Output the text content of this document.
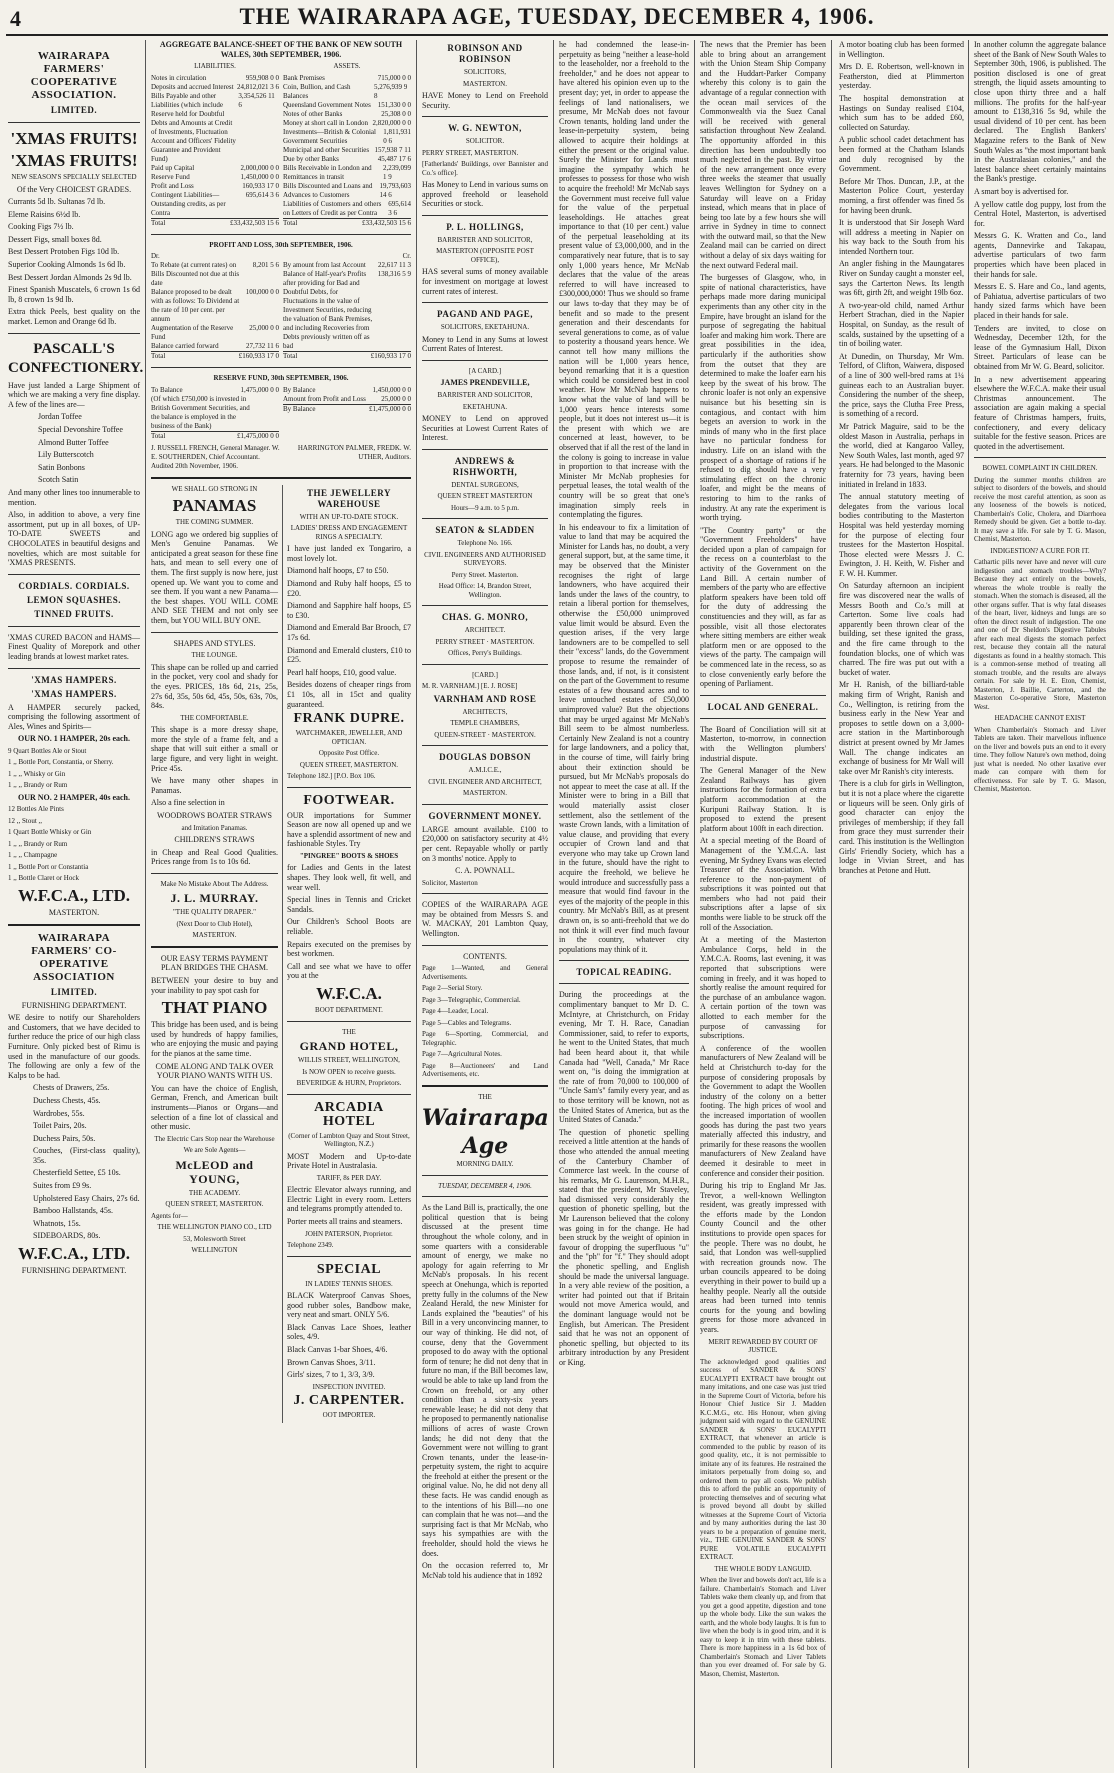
4	THE WAIRARAPA AGE, TUESDAY, DECEMBER 4, 1906.
WAIRARAPA FARMERS' COOPERATIVE ASSOCIATION.
LIMITED.
'XMAS FRUITS!
'XMAS FRUITS!

NEW SEASON'S SPECIALLY SELECTED

Of the Very CHOICEST GRADES.

Currants 5d lb. Sultanas 7d lb.

Eleme Raisins 6½d lb.

Cooking Figs 7½ lb.

Dessert Figs, small boxes 8d.

Best Dessert Protoben Figs 10d lb.

Superior Cooking Almonds 1s 6d lb.

Best Dessert Jordan Almonds 2s 9d lb.

Finest Spanish Muscatels, 6 crown 1s 6d lb, 8 crown 1s 9d lb.

Extra thick Peels, best quality on the market. Lemon and Orange 6d lb.

PASCALL'S CONFECTIONERY.

Have just landed a Large Shipment of which we are making a very fine display. A few of the lines are—

Jordan Toffee

Special Devonshire Toffee

Almond Butter Toffee

Lily Butterscotch

Satin Bonbons

Scotch Satin

And many other lines too innumerable to mention.

Also, in addition to above, a very fine assortment, put up in all boxes, of UP-TO-DATE SWEETS and CHOCOLATES in beautiful designs and novelties, which are most suitable for 'XMAS PRESENTS.

CORDIALS. CORDIALS.
LEMON SQUASHES.
TINNED FRUITS.

'XMAS CURED BACON and HAMS—Finest Quality of Morepork and other leading brands at lowest market rates.

'XMAS HAMPERS.
'XMAS HAMPERS.

A HAMPER securely packed, comprising the following assortment of Ales, Wines and Spirits—

OUR NO. 1 HAMPER, 20s each.

9 Quart Bottles Ale or Stout

1 ,, Bottle Port, Constantia, or Sherry.

1 ,, ,, Whisky or Gin

1 ,, ,, Brandy or Rum

OUR NO. 2 HAMPER, 40s each.

12 Bottles Ale Pints

12 ,, Stout ,,

1 Quart Bottle Whisky or Gin

1 ,, ,, Brandy or Rum

1 ,, ,, Champagne

1 ,, Bottle Port or Constantia

1 ,, Bottle Claret or Hock

W.F.C.A., LTD.

MASTERTON.

WAIRARAPA FARMERS' CO-OPERATIVE ASSOCIATION
LIMITED.

FURNISHING DEPARTMENT.

WE desire to notify our Shareholders and Customers, that we have decided to further reduce the price of our high class Furniture. Only picked best of Rimu is used in the manufacture of our goods. The following are only a few of the Kalps to be had.

Chests of Drawers, 25s.

Duchess Chests, 45s.

Wardrobes, 55s.

Toilet Pairs, 20s.

Duchess Pairs, 50s.

Couches, (First-class quality), 35s.

Chesterfield Settee, £5 10s.

Suites from £9 9s.

Upholstered Easy Chairs, 27s 6d.

Bamboo Hallstands, 45s.

Whatnots, 15s.

SIDEBOARDS, 80s.

W.F.C.A., LTD.

FURNISHING DEPARTMENT.

AGGREGATE BALANCE-SHEET OF THE BANK OF NEW SOUTH WALES, 30th SEPTEMBER, 1906.

LIABILITIES.

Notes in circulation	959,908 0 0
Deposits and accrued Interest 24,812,021 3 6
Bills Payable and other Liabilities (which include Reserve held for Doubtful Debts and Amounts at Credit of Investments, Fluctuation Account and Officers' Fidelity Guarantee and Provident Fund)
3,354,526 11 6
Paid up Capital	2,000,000 0 0
Reserve Fund	1,450,000 0 0
Profit and Loss	160,933 17 0
Contingent Liabilities—Outstanding credits, as per Contra
695,614 3 6
Total	£33,432,503 15 6

ASSETS.

Bank Premises	715,000 0 0
Coin, Bullion, and Cash Balances
5,276,939 9 8
Queensland Government Notes 151,330 0 0
Notes of other Banks	25,308 0 0
Money at short call in London 2,820,000 0 0
Investments—British & Colonial Government Securities
1,811,931 0 6
Municipal and other Securities 157,938 7 11
Due by other Banks	45,487 17 6
Bills Receivable in London and Remittances in transit
2,239,099 1 9
Bills Discounted and Loans and Advances to Customers
19,793,603 14 6
Liabilities of Customers and others on Letters of Credit as per Contra
695,614 3 6
Total	£33,432,503 15 6

PROFIT AND LOSS, 30th SEPTEMBER, 1906.

Dr.	Cr.
To Rebate (at current rates) on Bills Discounted not due at this date
8,201 5 6
Balance proposed to be dealt with as follows: To Dividend at the rate of 10 per cent. per annum
100,000 0 0
Augmentation of the Reserve Fund
25,000 0 0
Balance carried forward	27,732 11 6
Total	£160,933 17 0
By amount from last Account	22,617 11 3
Balance of Half-year's Profits after providing for Bad and Doubtful Debts, for Fluctuations in the value of Investment Securities, reducing the valuation of Bank Premises, and including Recoveries from Debts previously written off as bad
138,316 5 9
Total	£160,933 17 0

RESERVE FUND, 30th SEPTEMBER, 1906.

To Balance	1,475,000 0 0
(Of which £750,000 is invested in British Government Securities, and the balance is employed in the business of the Bank)
Total	£1,475,000 0 0
By Balance	1,450,000 0 0
Amount from Profit and Loss 25,000 0 0
By Balance	£1,475,000 0 0
J. RUSSELL FRENCH, General Manager. W. E. SOUTHERDEN, Chief Accountant. Audited 20th November, 1906.
HARRINGTON PALMER, FREDK. W. UTHER, Auditors.

WE SHALL GO STRONG IN

PANAMAS

THE COMING SUMMER.

LONG ago we ordered big supplies of Men's Genuine Panamas. We anticipated a great season for these fine hats, and mean to sell every one of them. The first supply is now here, just opened up. We want you to come and see them. If you want a new Panama—the best shapes. YOU WILL COME AND SEE THEM and not only see them, but YOU WILL BUY ONE.

SHAPES AND STYLES.

THE LOUNGE.

This shape can be rolled up and carried in the pocket, very cool and shady for the eyes. PRICES, 18s 6d, 21s, 25s, 27s 6d, 35s, 50s 6d, 45s, 50s, 63s, 70s, 84s.

THE COMFORTABLE.

This shape is a more dressy shape, more the style of a frame felt, and a shape that will suit either a small or large figure, and very light in weight. Price 45s.

We have many other shapes in Panamas.

Also a fine selection in

WOODROWS BOATER STRAWS

and Imitation Panamas.

CHILDREN'S STRAWS

in Cheap and Real Good Qualities. Prices range from 1s to 10s 6d.

Make No Mistake About The Address.

J. L. MURRAY.

"THE QUALITY DRAPER."

(Next Door to Club Hotel),

MASTERTON.

OUR EASY TERMS PAYMENT PLAN BRIDGES THE CHASM.

BETWEEN your desire to buy and your inability to pay spot cash for

THAT PIANO

This bridge has been used, and is being used by hundreds of happy families, who are enjoying the music and paying for the pianos at the same time.

COME ALONG AND TALK OVER YOUR PIANO WANTS WITH US.

You can have the choice of English, German, French, and American built instruments—Pianos or Organs—and selection of a fine lot of classical and other music.

The Electric Cars Stop near the Warehouse

We are Sole Agents—

McLEOD and YOUNG,

THE ACADEMY.

QUEEN STREET, MASTERTON.

Agents for—

THE WELLINGTON PIANO CO., LTD

53, Molesworth Street

WELLINGTON

THE JEWELLERY WAREHOUSE

WITH AN UP-TO-DATE STOCK.

LADIES' DRESS AND ENGAGEMENT RINGS A SPECIALTY.

I have just landed ex Tongariro, a most lovely lot.

Diamond half hoops, £7 to £50.

Diamond and Ruby half hoops, £5 to £20.

Diamond and Sapphire half hoops, £5 to £30.

Diamond and Emerald Bar Brooch, £7 17s 6d.

Diamond and Emerald clusters, £10 to £25.

Pearl half hoops, £10, good value.

Besides dozens of cheaper rings from £1 10s, all in 15ct and quality guaranteed.

FRANK DUPRE.

WATCHMAKER, JEWELLER, AND OPTICIAN.

Opposite Post Office.

QUEEN STREET, MASTERTON.

Telephone 182.] [P.O. Box 106.

FOOTWEAR.

OUR importations for Summer Season are now all opened up and we have a splendid assortment of new and fashionable Styles. Try

"PINGREE" BOOTS & SHOES

for Ladies and Gents in the latest shapes. They look well, fit well, and wear well.

Special lines in Tennis and Cricket Sandals.

Our Children's School Boots are reliable.

Repairs executed on the premises by best workmen.

Call and see what we have to offer you at the

W.F.C.A.

BOOT DEPARTMENT.

THE

GRAND HOTEL,

WILLIS STREET, WELLINGTON,

Is NOW OPEN to receive guests.

BEVERIDGE & HURN, Proprietors.

ARCADIA HOTEL

(Corner of Lambton Quay and Stout Street, Wellington, N.Z.)

MOST Modern and Up-to-date Private Hotel in Australasia.

TARIFF, 8s PER DAY.

Electric Elevator always running, and Electric Light in every room. Letters and telegrams promptly attended to.

Porter meets all trains and steamers.

JOHN PATERSON, Proprietor.

Telephone 2349.

SPECIAL

IN LADIES' TENNIS SHOES.

BLACK Waterproof Canvas Shoes, good rubber soles, Bandbow make, very neat and smart. ONLY 5/6.

Black Canvas Lace Shoes, leather soles, 4/9.

Black Canvas 1-bar Shoes, 4/6.

Brown Canvas Shoes, 3/11.

Girls' sizes, 7 to 1, 3/3, 3/9.

INSPECTION INVITED.

J. CARPENTER.

OOT IMPORTER.

ROBINSON AND ROBINSON

SOLICITORS,

MASTERTON.

HAVE Money to Lend on Freehold Security.

W. G. NEWTON,

SOLICITOR.

PERRY STREET, MASTERTON.

[Fatherlands' Buildings, over Bannister and Co.'s office].

Has Money to Lend in various sums on approved freehold or leasehold Securities or stock.

P. L. HOLLINGS,

BARRISTER AND SOLICITOR,

MASTERTON (OPPOSITE POST OFFICE),

HAS several sums of money available for investment on mortgage at lowest current rates of interest.

PAGAND AND PAGE,

SOLICITORS, EKETAHUNA.

Money to Lend in any Sums at lowest Current Rates of Interest.

[A CARD.]

JAMES PRENDEVILLE,

BARRISTER AND SOLICITOR,

EKETAHUNA.

MONEY to Lend on approved Securities at Lowest Current Rates of Interest.

ANDREWS & RISHWORTH,

DENTAL SURGEONS,

QUEEN STREET MASTERTON

Hours—9 a.m. to 5 p.m.

SEATON & SLADDEN

Telephone No. 166.

CIVIL ENGINEERS AND AUTHORISED SURVEYORS.

Perry Street. Masterton.

Head Office: 14, Brandon Street, Wellington.

CHAS. G. MONRO,

ARCHITECT.

PERRY STREET · MASTERTON.

Offices, Perry's Buildings.

[CARD.]

M. R. VARNHAM.] [E. J. ROSE]

VARNHAM AND ROSE

ARCHITECTS,

TEMPLE CHAMBERS,

QUEEN-STREET · MASTERTON.

DOUGLAS DOBSON

A.M.I.C.E.,

CIVIL ENGINEER AND ARCHITECT,

MASTERTON.

GOVERNMENT MONEY.

LARGE amount available. £100 to £20,000 on satisfactory security at 4½ per cent. Repayable wholly or partly on 3 months' notice. Apply to

C. A. POWNALL.

Solicitor, Masterton

COPIES of the WAIRARAPA AGE may be obtained from Messrs S. and W. MACKAY, 201 Lambton Quay, Wellington.

CONTENTS.

Page 1—Wanted, and General Advertisements.

Page 2—Serial Story.

Page 3—Telegraphic, Commercial.

Page 4—Leader, Local.

Page 5—Cables and Telegrams.

Page 6—Sporting, Commercial, and Telegraphic.

Page 7—Agricultural Notes.

Page 8—Auctioneers' and Land Advertisements, etc.

THE

Wairarapa Age

MORNING DAILY.

TUESDAY, DECEMBER 4, 1906.

As the Land Bill is, practically, the one political question that is being discussed at the present time throughout the whole colony, and in some quarters with a considerable amount of energy, we make no apology for again referring to Mr McNab's proposals. In his recent speech at Onehunga, which is reported pretty fully in the columns of the New Zealand Herald, the new Minister for Lands explained the "beauties" of his Bill in a very unconvincing manner, to our way of thinking. He did not, of course, deny that the Government proposed to do away with the optional form of tenure; he did not deny that in future no man, if the Bill becomes law, would be able to take up land from the Crown on freehold, or any other condition than a sixty-six years renewable lease; he did not deny that he proposed to permanently nationalise millions of acres of waste Crown lands; he did not deny that the Government were not willing to grant Crown tenants, under the lease-in-perpetuity system, the right to acquire the freehold at either the present or the original value. No, he did not deny all these facts. He was candid enough as to the intentions of his Bill—no one can complain that he was not—and the surprising fact is that Mr McNab, who says his sympathies are with the freeholder, should hold the views he does.

On the occasion referred to, Mr McNab told his audience that in 1892

he had condemned the lease-in-perpetuity as being "neither a lease-hold to the leaseholder, nor a freehold to the freeholder," and he does not appear to have altered his opinion even up to the present day; yet, in order to appease the feelings of land nationalisers, we presume, Mr McNab does not favour Crown tenants, holding land under the lease-in-perpetuity system, being allowed to acquire their holdings at either the present or the original value. Surely the Minister for Lands must imagine the sympathy which he professes to possess for those who wish to acquire the freehold! Mr McNab says the Government must receive full value for the value of the perpetual leaseholdings. He attaches great importance to that (10 per cent.) value of the perpetual leaseholding at its present value of £3,000,000, and in the comparatively near future, that is to say only 1,000 years hence, Mr McNab declares that the value of the areas referred to will have increased to £300,000,000! Thus we should so frame our laws to-day that they may be of benefit and so made to the present generation and their descendants for several generations to come, as of value to posterity a thousand years hence. We cannot tell how many millions the nation will be 1,000 years hence, beyond remarking that it is a question which could be considered best in cool weather. How Mr McNab happens to know what the value of land will be 1,000 years hence interests some people, but it does not interest us—it is the present with which we are concerned at least, however, to be observed that if all the rest of the land in the colony is going to increase in value in proportion to that increase with the Minister Mr McNab prophesies for perpetual leases, the total wealth of the country will be so great that one's imagination simply reels in contemplating the figures.

In his endeavour to fix a limitation of value to land that may be acquired the Minister for Lands has, no doubt, a very general support, but, at the same time, it may be observed that the Minister recognises the right of large landowners, who have acquired their lands under the laws of the country, to retain a liberal portion for themselves, otherwise the £50,000 unimproved value limit would be absurd. Even the question arises, if the very large landowners are to be compelled to sell their "excess" lands, do the Government propose to resume the remainder of those lands, and, if not, is it consistent on the part of the Government to resume estates of a few thousand acres and to leave untouched estates of £50,000 unimproved value? But the objections that may be urged against Mr McNab's Bill seem to be almost numberless. Certainly New Zealand is not a country for large landowners, and a policy that, in the course of time, will fairly bring about their extinction should be pursued, but Mr McNab's proposals do not appear to meet the case at all. If the Minister were to bring in a Bill that would materially assist closer settlement, also the settlement of the waste Crown lands, with a limitation of value clause, and providing that every occupier of Crown land and that everyone who may take up Crown land in the future, should have the right to acquire the freehold, we believe he would introduce and successfully pass a measure that would find favour in the eyes of the majority of the people in this country. Mr McNab's Bill, as at present drawn on, is so anti-freehold that we do not think it will ever find much favour in the country, whatever city populations may think of it.

TOPICAL READING.

During the proceedings at the complimentary banquet to Mr D. C. McIntyre, at Christchurch, on Friday evening, Mr T. H. Race, Canadian Commissioner, said, to refer to exports, he went to the United States, that much had been heard about it, that while Canada had "Well, Canada," Mr Race went on, "is doing the immigration at the rate of from 70,000 to 100,000 of "Uncle Sam's" family every year, and as to those territory will be known, not as the United States of America, but as the United States of Canada."

The question of phonetic spelling received a little attention at the hands of those who attended the annual meeting of the Canterbury Chamber of Commerce last week. In the course of his remarks, Mr G. Laurenson, M.H.R., stated that the president, Mr Staveley, had dismissed very considerably the question of phonetic spelling, but the Mr Laurenson believed that the colony was going in for the change. He had been struck by the weight of opinion in favour of dropping the superfluous "u" and the "ph" for "f." They should adopt the phonetic spelling, and English should be made the universal language. In a very able review of the position, a writer had pointed out that if Britain would not move America would, and the dominant language would not be English, but American. The President said that he was not an opponent of phonetic spelling, but objected to its arbitrary introduction by any President or King.

The news that the Premier has been able to bring about an arrangement with the Union Steam Ship Company and the Huddart-Parker Company whereby this colony is to gain the advantage of a regular connection with the ocean mail services of the Commonwealth via the Suez Canal will be received with general satisfaction throughout New Zealand. The opportunity afforded in this direction has been undoubtedly too much neglected in the past. By virtue of the new arrangement once every three weeks the steamer that usually leaves Wellington for Sydney on a Saturday will leave on a Friday instead, which means that in place of being too late by a few hours she will arrive in Sydney in time to connect with the outward mail, so that the New Zealand mail can be carried on direct without a delay of six days waiting for the next outward Federal mail.

The burgesses of Glasgow, who, in spite of national characteristics, have perhaps made more daring municipal experiments than any other city in the Empire, have brought an island for the purpose of segregating the habitual loafer and making him work. There are great possibilities in the idea, particularly if the authorities show from the outset that they are determined to make the loafer earn his keep by the sweat of his brow. The chronic loafer is not only an expensive nuisance but his besetting sin is contagious, and contact with him begets an aversion to work in the minds of many who in the first place have no particular fondness for industry. Life on an island with the prospect of a shortage of rations if he refused to dig should have a very stimulating effect on the chronic loafer, and might be the means of restoring to him to the ranks of industry. At any rate the experiment is worth trying.

"The Country party" or the "Government Freeholders" have decided upon a plan of campaign for the recess on a counterblast to the activity of the Government on the Land Bill. A certain number of members of the party who are effective platform speakers have been told off for the duty of addressing the constituencies and they will, as far as possible, visit all those electorates where sitting members are either weak platform men or are opposed to the views of the party. The campaign will be commenced late in the recess, so as to close conveniently early before the opening of Parliament.

LOCAL AND GENERAL.

The Board of Conciliation will sit at Masterton, to-morrow, in connection with the Wellington plumbers' industrial dispute.

The General Manager of the New Zealand Railways has given instructions for the formation of extra platform accommodation at the Kuripuni Railway Station. It is proposed to extend the present platform about 100ft in each direction.

At a special meeting of the Board of Management of the Y.M.C.A. last evening, Mr Sydney Evans was elected Treasurer of the Association. With reference to the non-payment of subscriptions it was pointed out that members who had not paid their subscriptions after a lapse of six months were liable to be struck off the roll of the Association.

At a meeting of the Masterton Ambulance Corps, held in the Y.M.C.A. Rooms, last evening, it was reported that subscriptions were coming in freely, and it was hoped to shortly realise the amount required for the purchase of an ambulance wagon. A certain portion of the town was allotted to each member for the purpose of canvassing for subscriptions.

A conference of the woollen manufacturers of New Zealand will be held at Christchurch to-day for the purpose of considering proposals by the Government to adapt the Woollen industry of the colony on a better footing. The high prices of wool and the increased importation of woollen goods has during the past two years materially affected this industry, and primarily for these reasons the woollen manufacturers of New Zealand have deemed it desirable to meet in conference and consider their position.

During his trip to England Mr Jas. Trevor, a well-known Wellington resident, was greatly impressed with the efforts made by the London County Council and the other institutions to provide open spaces for the people. There was no doubt, he said, that London was well-supplied with recreation grounds now. The urban councils appeared to be doing everything in their power to build up a healthy people. Nearly all the outside areas had been turned into tennis courts for the young and bowling greens for those more advanced in years.

MERIT REWARDED BY COURT OF JUSTICE.

The acknowledged good qualities and success of SANDER & SONS' EUCALYPTI EXTRACT have brought out many imitations, and one case was just tried in the Supreme Court of Victoria, before his Honour Chief Justice Sir J. Madden K.C.M.G., etc. His Honour, when giving judgment said with regard to the GENUINE SANDER & SONS' EUCALYPTI EXTRACT, that whenever an article is commended to the public by reason of its good quality, etc., it is not permissible to imitate any of its features. He restrained the imitators perpetually from doing so, and ordered them to pay all costs. We publish this to afford the public an opportunity of protecting themselves and of securing what is proved beyond all doubt by skilled witnesses at the Supreme Court of Victoria and by many authorities during the last 30 years to be a preparation of genuine merit, viz., THE GENUINE SANDER & SONS' PURE VOLATILE EUCALYPTI EXTRACT.

THE WHOLE BODY LANGUID.

When the liver and bowels don't act, life is a failure. Chamberlain's Stomach and Liver Tablets wake them cleanly up, and from that you get a good appetite, digestion and tone up the whole body. Like the sun wakes the earth, and the whole body laughs. It is fun to live when the body is in good trim, and it is easy to keep it in trim with these tablets. There is more happiness in a 1s 6d box of Chamberlain's Stomach and Liver Tablets than you ever dreamed of. For sale by G. Mason, Chemist, Masterton.

A motor boating club has been formed in Wellington.

Mrs D. E. Robertson, well-known in Featherston, died at Plimmerton yesterday.

The hospital demonstration at Hastings on Sunday realised £104, which sum has to be added £60, collected on Saturday.

A public school cadet detachment has been formed at the Chatham Islands and duly recognised by the Government.

Before Mr Thos. Duncan, J.P., at the Masterton Police Court, yesterday morning, a first offender was fined 5s for having been drunk.

It is understood that Sir Joseph Ward will address a meeting in Napier on his way back to the South from his intended Northern tour.

An angler fishing in the Maungatares River on Sunday caught a monster eel, says the Carterton News. Its length was 6ft, girth 2ft, and weight 19lb 6oz.

A two-year-old child, named Arthur Herbert Strachan, died in the Napier Hospital, on Sunday, as the result of scalds, sustained by the upsetting of a tin of boiling water.

At Dunedin, on Thursday, Mr Wm. Telford, of Clifton, Waiwera, disposed of a line of 300 well-bred rams at 1¼ guineas each to an Australian buyer. Considering the number of the sheep, the price, says the Clutha Free Press, is something of a record.

Mr Patrick Maguire, said to be the oldest Mason in Australia, perhaps in the world, died at Kangaroo Valley, New South Wales, last month, aged 97 years. He had belonged to the Masonic fraternity for 73 years, having been initiated in Ireland in 1833.

The annual statutory meeting of delegates from the various local bodies contributing to the Masterton Hospital was held yesterday morning for the purpose of electing four trustees for the Masterton Hospital. Those elected were Messrs J. C. Ewington, J. H. Keith, W. Fisher and F. W. H. Kummer.

On Saturday afternoon an incipient fire was discovered near the walls of Messrs Booth and Co.'s mill at Carterton. Some live coals had apparently been thrown clear of the building, set these ignited the grass, and the fire came through to the foundation blocks, one of which was charred. The fire was put out with a bucket of water.

Mr H. Ranish, of the billiard-table making firm of Wright, Ranish and Co., Wellington, is retiring from the business early in the New Year and proposes to settle down on a 3,000-acre station in the Martinborough district at present owned by Mr James Wall. The change indicates an exchange of business for Mr Wall will take over Mr Ranish's city interests.

There is a club for girls in Wellington, but it is not a place where the cigarette or liqueurs will be seen. Only girls of good character can enjoy the privileges of membership; if they fall from grace they must surrender their card. This institution is the Wellington Girls' Friendly Society, which has a lodge in Vivian Street, and has branches at Petone and Hutt.

In another column the aggregate balance sheet of the Bank of New South Wales to September 30th, 1906, is published. The position disclosed is one of great strength, the liquid assets amounting to close upon thirty three and a half millions. The profits for the half-year amount to £138,316 5s 9d, while the usual dividend of 10 per cent. has been declared. The English Bankers' Magazine refers to the Bank of New South Wales as "the most important bank in the Australasian colonies," and the latest balance sheet certainly maintains the Bank's prestige.

A smart boy is advertised for.

A yellow cattle dog puppy, lost from the Central Hotel, Masterton, is advertised for.

Messrs G. K. Wratten and Co., land agents, Dannevirke and Takapau, advertise particulars of two farm properties which have been placed in their hands for sale.

Messrs E. S. Hare and Co., land agents, of Pahiatua, advertise particulars of two handy sized farms which have been placed in their hands for sale.

Tenders are invited, to close on Wednesday, December 12th, for the lease of the Gymnasium Hall, Dixon Street. Particulars of lease can be obtained from Mr W. G. Beard, solicitor.

In a new advertisement appearing elsewhere the W.F.C.A. make their usual Christmas announcement. The association are again making a special feature of Christmas hampers, fruits, confectionery, and every delicacy suitable for the festive season. Prices are quoted in the advertisement.

BOWEL COMPLAINT IN CHILDREN.

During the summer months children are subject to disorders of the bowels, and should receive the most careful attention, as soon as any looseness of the bowels is noticed, Chamberlain's Colic, Cholera, and Diarrhoea Remedy should be given. Get a bottle to-day. It may save a life. For sale by T. G. Mason, Chemist, Masterton.

INDIGESTION? A CURE FOR IT.

Cathartic pills never have and never will cure indigestion and stomach troubles—Why? Because they act entirely on the bowels, whereas the whole trouble is really the stomach. When the stomach is diseased, all the other organs suffer. That is why fatal diseases of the heart, liver, kidneys and lungs are so often the direct result of indigestion. The one and one of Dr Sheldon's Digestive Tabules after each meal digests the stomach perfect rest, because they contain all the natural digestants as found in a healthy stomach. This is a common-sense method of treating all stomach trouble, and the results are always certain. For sale by H. E. Eton, Chemist, Masterton, J. Baillie, Carterton, and the Masterton Co-operative Store, Masterton West.

HEADACHE CANNOT EXIST

When Chamberlain's Stomach and Liver Tablets are taken. Their marvellous influence on the liver and bowels puts an end to it every time. They follow Nature's own method, doing just what is needed. No other laxative ever made can compare with them for effectiveness. For sale by T. G. Mason, Chemist, Masterton.
